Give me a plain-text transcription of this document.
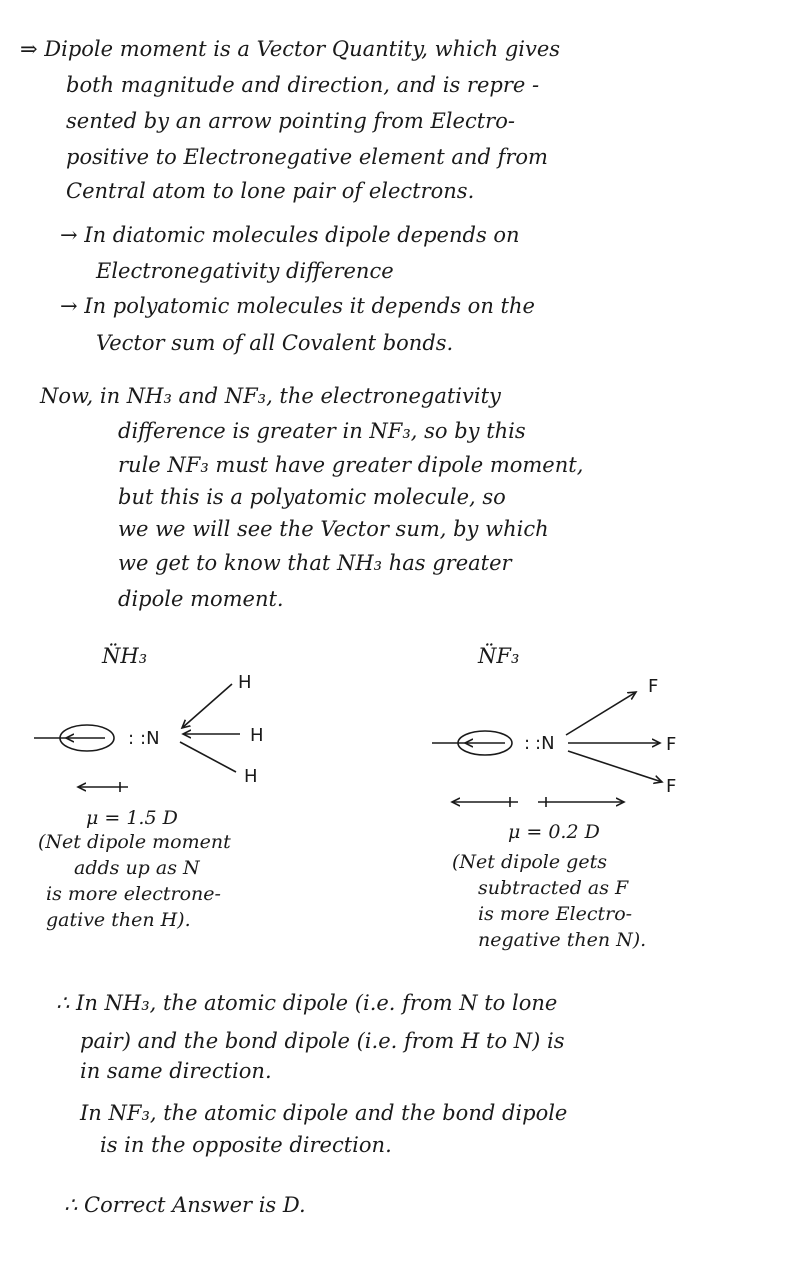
⇒ Dipole moment is a Vector Quantity, which gives
both magnitude and direction, and is repre -
sented by an arrow pointing from Electro-
positive to Electronegative element and from
Central atom to lone pair of electrons.
→ In diatomic molecules dipole depends on
Electronegativity difference
→ In polyatomic molecules it depends on the
Vector sum of all Covalent bonds.
Now, in NH₃ and NF₃, the electronegativity
difference is greater in NF₃, so by this
rule NF₃ must have greater dipole moment,
but this is a polyatomic molecule, so
we we will see the Vector sum, by which
we get to know that NH₃ has greater
dipole moment.
N̈H₃
μ = 1.5 D
(Net dipole moment
adds up as N
is more electrone-
gative then H).
N̈F₃
μ = 0.2 D
(Net dipole gets
subtracted as F
is more Electro-
negative then N).
: :N
H
H
H
: :N
F
F
F
∴ In NH₃, the atomic dipole (i.e. from N to lone
pair) and the bond dipole (i.e. from H to N) is
in same direction.
In NF₃, the atomic dipole and the bond dipole
is in the opposite direction.
∴ Correct Answer is D.
